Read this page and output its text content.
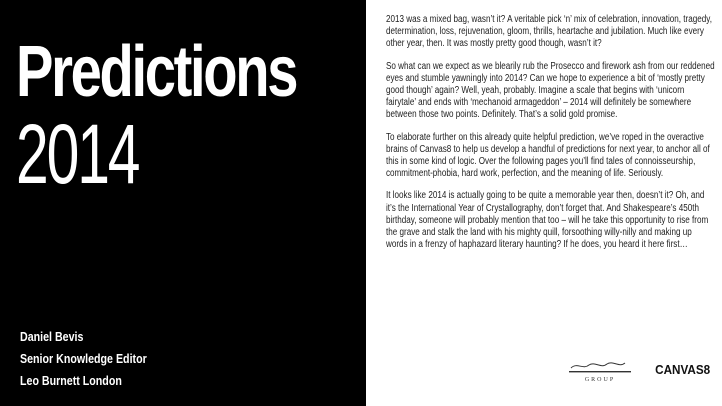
Predictions
2014
Daniel Bevis
Senior Knowledge Editor
Leo Burnett London

2013 was a mixed bag, wasn’t it? A veritable pick ‘n’ mix of celebration, innovation, tragedy, determination, loss, rejuvenation, gloom, thrills, heartache and jubilation. Much like every other year, then. It was mostly pretty good though, wasn’t it?

So what can we expect as we blearily rub the Prosecco and firework ash from our reddened eyes and stumble yawningly into 2014? Can we hope to experience a bit of ‘mostly pretty good though’ again? Well, yeah, probably. Imagine a scale that begins with ‘unicorn fairytale’ and ends with ‘mechanoid armageddon’ – 2014 will definitely be somewhere between those two points. Definitely. That’s a solid gold promise.

To elaborate further on this already quite helpful prediction, we’ve roped in the overactive brains of Canvas8 to help us develop a handful of predictions for next year, to anchor all of this in some kind of logic. Over the following pages you’ll find tales of connoisseurship, commitment-phobia, hard work, perfection, and the meaning of life. Seriously.

It looks like 2014 is actually going to be quite a memorable year then, doesn’t it? Oh, and it’s the International Year of Crystallography, don’t forget that. And Shakespeare’s 450th birthday, someone will probably mention that too – will he take this opportunity to rise from the grave and stalk the land with his mighty quill, forsoothing willy-nilly and making up words in a frenzy of haphazard literary haunting? If he does, you heard it here first…

GROUP
CANVAS8
